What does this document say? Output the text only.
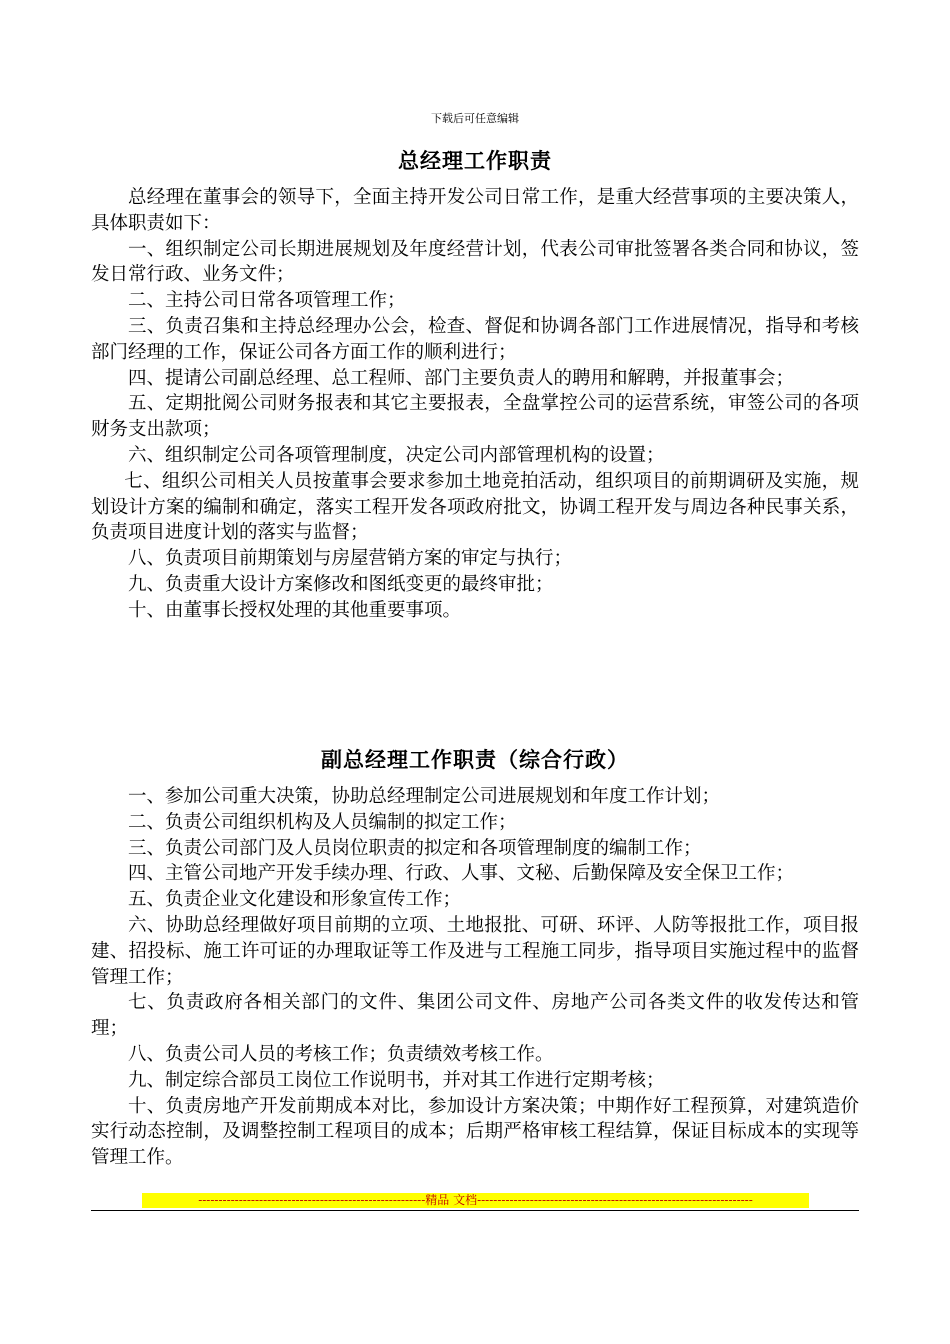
下载后可任意编辑
总经理工作职责

总经理在董事会的领导下，全面主持开发公司日常工作，是重大经营事项的主要决策人，具体职责如下：

一、组织制定公司长期进展规划及年度经营计划，代表公司审批签署各类合同和协议，签发日常行政、业务文件；

二、主持公司日常各项管理工作；

三、负责召集和主持总经理办公会，检查、督促和协调各部门工作进展情况，指导和考核部门经理的工作，保证公司各方面工作的顺利进行；

四、提请公司副总经理、总工程师、部门主要负责人的聘用和解聘，并报董事会；

五、定期批阅公司财务报表和其它主要报表，全盘掌控公司的运营系统，审签公司的各项财务支出款项；

六、组织制定公司各项管理制度，决定公司内部管理机构的设置；

七、组织公司相关人员按董事会要求参加土地竞拍活动，组织项目的前期调研及实施，规划设计方案的编制和确定，落实工程开发各项政府批文，协调工程开发与周边各种民事关系，负责项目进度计划的落实与监督；

八、负责项目前期策划与房屋营销方案的审定与执行；

九、负责重大设计方案修改和图纸变更的最终审批；

十、由董事长授权处理的其他重要事项。

副总经理工作职责（综合行政）

一、参加公司重大决策，协助总经理制定公司进展规划和年度工作计划；

二、负责公司组织机构及人员编制的拟定工作；

三、负责公司部门及人员岗位职责的拟定和各项管理制度的编制工作；

四、主管公司地产开发手续办理、行政、人事、文秘、后勤保障及安全保卫工作；

五、负责企业文化建设和形象宣传工作；

六、协助总经理做好项目前期的立项、土地报批、可研、环评、人防等报批工作，项目报建、招投标、施工许可证的办理取证等工作及进与工程施工同步，指导项目实施过程中的监督管理工作；

七、负责政府各相关部门的文件、集团公司文件、房地产公司各类文件的收发传达和管理；

八、负责公司人员的考核工作；负责绩效考核工作。

九、制定综合部员工岗位工作说明书，并对其工作进行定期考核；

十、负责房地产开发前期成本对比，参加设计方案决策；中期作好工程预算，对建筑造价实行动态控制，及调整控制工程项目的成本；后期严格审核工程结算，保证目标成本的实现等管理工作。

--------------------------------------------------------精品 文档--------------------------------------------------------------------
